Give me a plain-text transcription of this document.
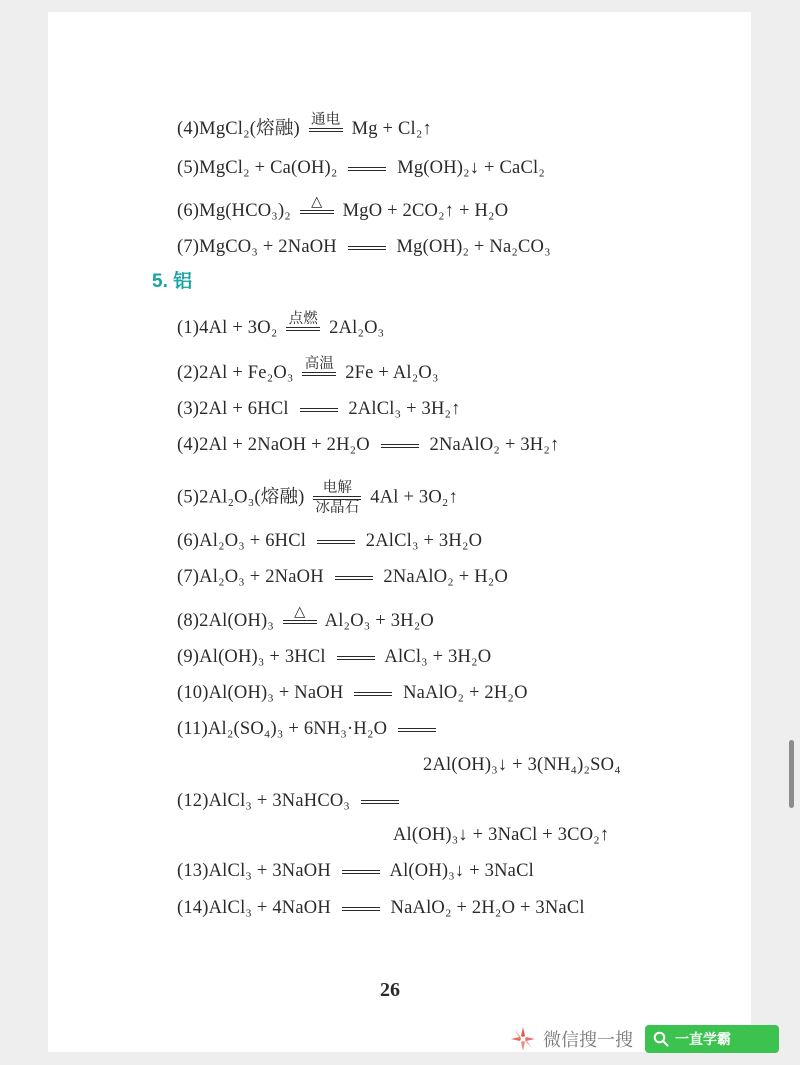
(4)MgCl₂(熔融) 通电 Mg + Cl₂↑
(5)MgCl₂ + Ca(OH)₂	Mg(OH)₂↓ + CaCl₂
(6)Mg(HCO₃)₂	△	MgO + 2CO₂↑ + H₂O
(7)MgCO₃ + 2NaOH	Mg(OH)₂ + Na₂CO₃
5. 铝
(1)4Al + 3O₂ 点燃 2Al₂O₃
(2)2Al + Fe₂O₃ 高温 2Fe + Al₂O₃
(3)2Al + 6HCl	2AlCl₃ + 3H₂↑
(4)2Al + 2NaOH + 2H₂O	2NaAlO₂ + 3H₂↑
(5)2Al₂O₃(熔融)	电解
冰晶石
4Al + 3O₂↑
(6)Al₂O₃ + 6HCl	2AlCl₃ + 3H₂O
(7)Al₂O₃ + 2NaOH	2NaAlO₂ + H₂O
(8)2Al(OH)₃	△	Al₂O₃ + 3H₂O
(9)Al(OH)₃ + 3HCl	AlCl₃ + 3H₂O
(10)Al(OH)₃ + NaOH	NaAlO₂ + 2H₂O
(11)Al₂(SO₄)₃ + 6NH₃·H₂O
2Al(OH)₃↓ + 3(NH₄)₂SO₄
(12)AlCl₃ + 3NaHCO₃
Al(OH)₃↓ + 3NaCl + 3CO₂↑
(13)AlCl₃ + 3NaOH	Al(OH)₃↓ + 3NaCl
(14)AlCl₃ + 4NaOH	NaAlO₂ + 2H₂O + 3NaCl
26
微信搜一搜	一直学霸
